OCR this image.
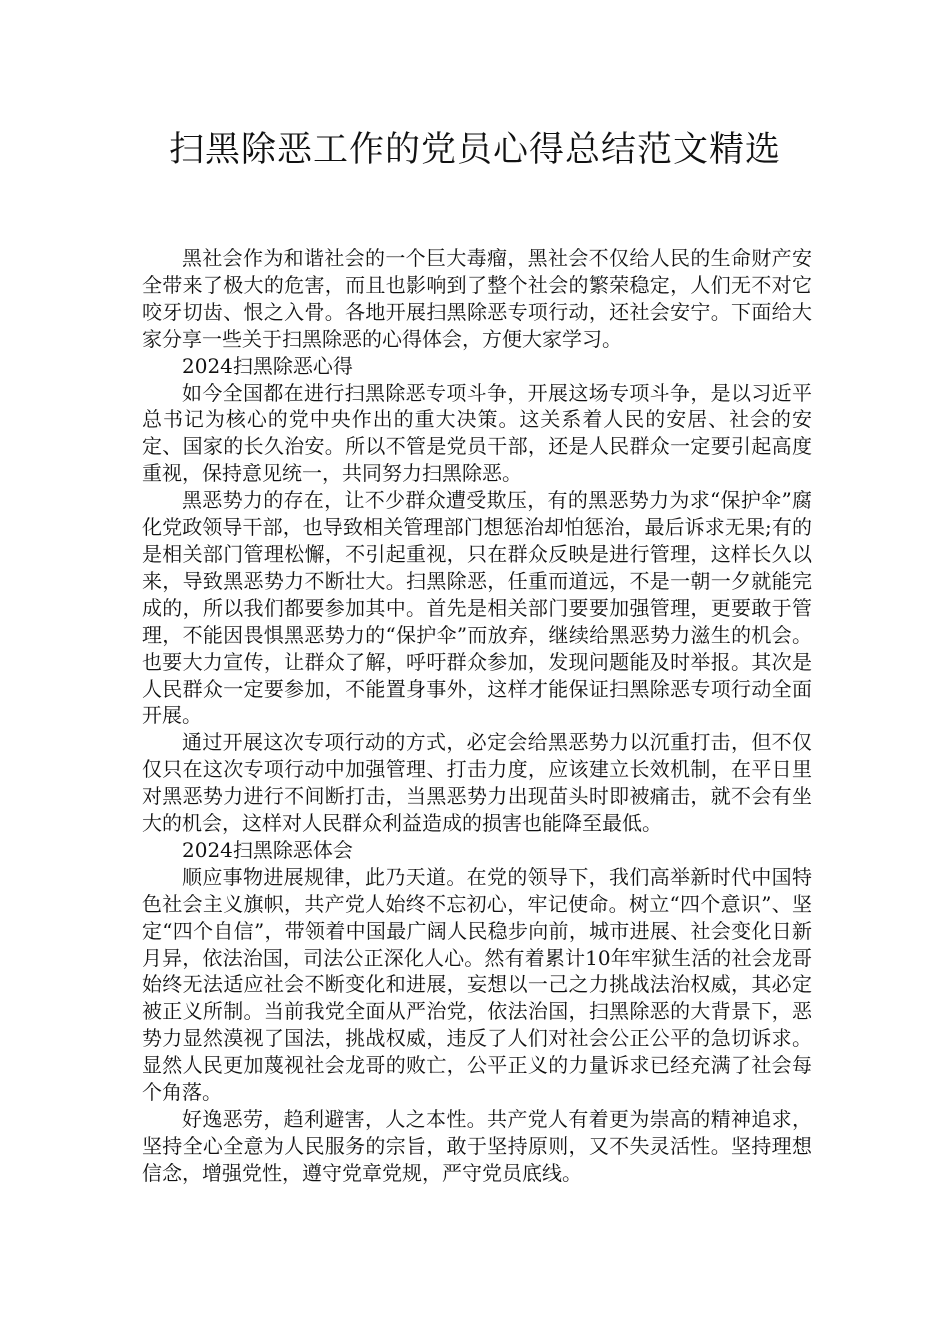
扫黑除恶工作的党员心得总结范文精选

黑社会作为和谐社会的一个巨大毒瘤，黑社会不仅给人民的生命财产安全带来了极大的危害，而且也影响到了整个社会的繁荣稳定，人们无不对它咬牙切齿、恨之入骨。各地开展扫黑除恶专项行动，还社会安宁。下面给大家分享一些关于扫黑除恶的心得体会，方便大家学习。

2024扫黑除恶心得

如今全国都在进行扫黑除恶专项斗争，开展这场专项斗争，是以习近平总书记为核心的党中央作出的重大决策。这关系着人民的安居、社会的安定、国家的长久治安。所以不管是党员干部，还是人民群众一定要引起高度重视，保持意见统一，共同努力扫黑除恶。

黑恶势力的存在，让不少群众遭受欺压，有的黑恶势力为求“保护伞”腐化党政领导干部，也导致相关管理部门想惩治却怕惩治，最后诉求无果;有的是相关部门管理松懈，不引起重视，只在群众反映是进行管理，这样长久以来，导致黑恶势力不断壮大。扫黑除恶，任重而道远，不是一朝一夕就能完成的，所以我们都要参加其中。首先是相关部门要要加强管理，更要敢于管理，不能因畏惧黑恶势力的“保护伞”而放弃，继续给黑恶势力滋生的机会。也要大力宣传，让群众了解，呼吁群众参加，发现问题能及时举报。其次是人民群众一定要参加，不能置身事外，这样才能保证扫黑除恶专项行动全面开展。

通过开展这次专项行动的方式，必定会给黑恶势力以沉重打击，但不仅仅只在这次专项行动中加强管理、打击力度，应该建立长效机制，在平日里对黑恶势力进行不间断打击，当黑恶势力出现苗头时即被痛击，就不会有坐大的机会，这样对人民群众利益造成的损害也能降至最低。

2024扫黑除恶体会

顺应事物进展规律，此乃天道。在党的领导下，我们高举新时代中国特色社会主义旗帜，共产党人始终不忘初心，牢记使命。树立“四个意识”、坚定“四个自信”，带领着中国最广阔人民稳步向前，城市进展、社会变化日新月异，依法治国，司法公正深化人心。然有着累计10年牢狱生活的社会龙哥始终无法适应社会不断变化和进展，妄想以一己之力挑战法治权威，其必定被正义所制。当前我党全面从严治党，依法治国，扫黑除恶的大背景下，恶势力显然漠视了国法，挑战权威，违反了人们对社会公正公平的急切诉求。显然人民更加蔑视社会龙哥的败亡，公平正义的力量诉求已经充满了社会每个角落。

好逸恶劳，趋利避害，人之本性。共产党人有着更为崇高的精神追求，坚持全心全意为人民服务的宗旨，敢于坚持原则，又不失灵活性。坚持理想信念，增强党性，遵守党章党规，严守党员底线。
